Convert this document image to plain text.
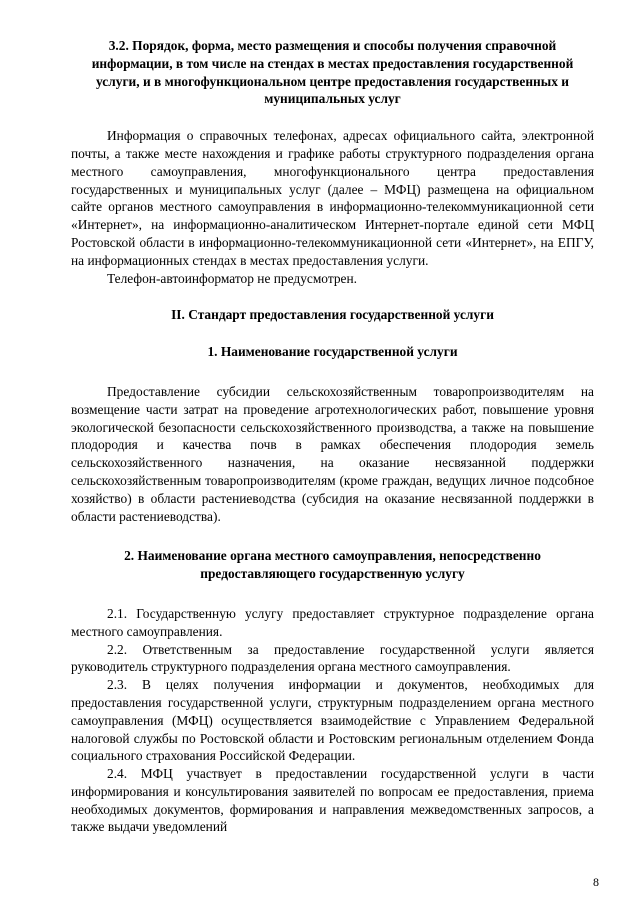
3.2. Порядок, форма, место размещения и способы получения справочной информации, в том числе на стендах в местах предоставления государственной услуги, и в многофункциональном центре предоставления государственных и муниципальных услуг

Информация о справочных телефонах, адресах официального сайта, электронной почты, а также месте нахождения и графике работы структурного подразделения органа местного самоуправления, многофункционального центра предоставления государственных и муниципальных услуг (далее – МФЦ) размещена на официальном сайте органов местного самоуправления в информационно-телекоммуникационной сети «Интернет», на информационно-аналитическом Интернет-портале единой сети МФЦ Ростовской области в информационно-телекоммуникационной сети «Интернет», на ЕПГУ, на информационных стендах в местах предоставления услуги.

Телефон-автоинформатор не предусмотрен.

II. Стандарт предоставления государственной услуги
1. Наименование государственной услуги

Предоставление субсидии сельскохозяйственным товаропроизводителям на возмещение части затрат на проведение агротехнологических работ, повышение уровня экологической безопасности сельскохозяйственного производства, а также на повышение плодородия и качества почв в рамках обеспечения плодородия земель сельскохозяйственного назначения, на оказание несвязанной поддержки сельскохозяйственным товаропроизводителям (кроме граждан, ведущих личное подсобное хозяйство) в области растениеводства (субсидия на оказание несвязанной поддержки в области растениеводства).

2. Наименование органа местного самоуправления, непосредственно предоставляющего государственную услугу

2.1. Государственную услугу предоставляет структурное подразделение органа местного самоуправления.

2.2. Ответственным за предоставление государственной услуги является руководитель структурного подразделения органа местного самоуправления.

2.3. В целях получения информации и документов, необходимых для предоставления государственной услуги, структурным подразделением органа местного самоуправления (МФЦ) осуществляется взаимодействие с Управлением Федеральной налоговой службы по Ростовской области и Ростовским региональным отделением Фонда социального страхования Российской Федерации.

2.4. МФЦ участвует в предоставлении государственной услуги в части информирования и консультирования заявителей по вопросам ее предоставления, приема необходимых документов, формирования и направления межведомственных запросов, а также выдачи уведомлений

8
